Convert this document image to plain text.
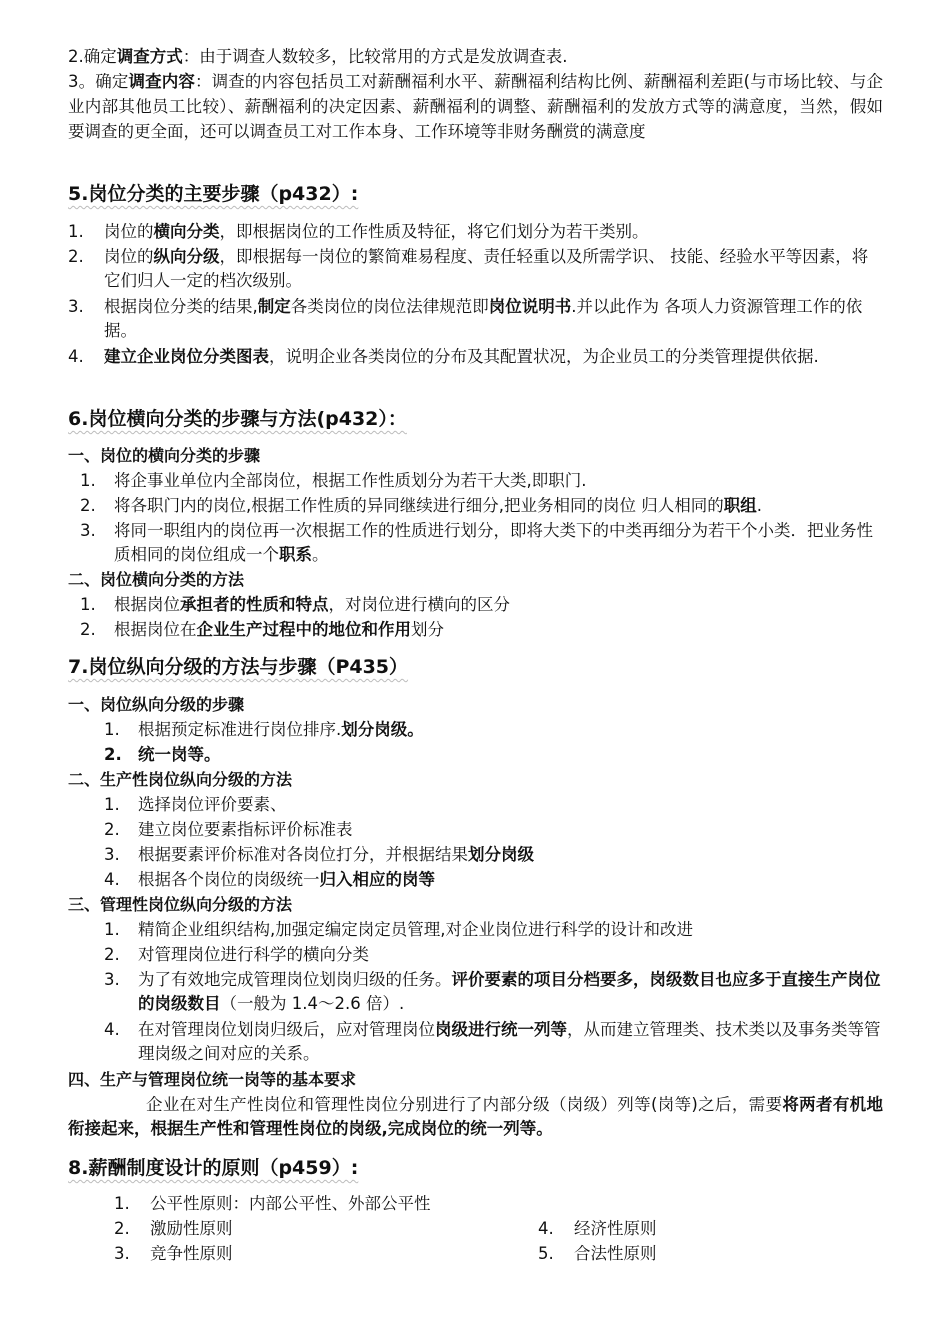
2.确定调查方式：由于调查人数较多，比较常用的方式是发放调查表.
3。确定调查内容：调查的内容包括员工对薪酬福利水平、薪酬福利结构比例、薪酬福利差距(与市场比较、与企业内部其他员工比较）、薪酬福利的决定因素、薪酬福利的调整、薪酬福利的发放方式等的满意度，当然，假如要调查的更全面，还可以调查员工对工作本身、工作环境等非财务酬赏的满意度
5.岗位分类的主要步骤（p432）:
1. 岗位的横向分类，即根据岗位的工作性质及特征，将它们划分为若干类别。
2. 岗位的纵向分级，即根据每一岗位的繁简难易程度、责任轻重以及所需学识、 技能、经验水平等因素，将它们归人一定的档次级别。
3. 根据岗位分类的结果,制定各类岗位的岗位法律规范即岗位说明书.并以此作为 各项人力资源管理工作的依据。
4. 建立企业岗位分类图表，说明企业各类岗位的分布及其配置状况，为企业员工的分类管理提供依据.
6.岗位横向分类的步骤与方法(p432）：
一、岗位的横向分类的步骤
1. 将企事业单位内全部岗位，根据工作性质划分为若干大类,即职门.
2. 将各职门内的岗位,根据工作性质的异同继续进行细分,把业务相同的岗位 归人相同的职组.
3. 将同一职组内的岗位再一次根据工作的性质进行划分，即将大类下的中类再细分为若干个小类．把业务性质相同的岗位组成一个职系。
二、岗位横向分类的方法
1. 根据岗位承担者的性质和特点，对岗位进行横向的区分
2. 根据岗位在企业生产过程中的地位和作用划分
7.岗位纵向分级的方法与步骤（P435）
一、岗位纵向分级的步骤
1. 根据预定标准进行岗位排序.划分岗级。
2. 统一岗等。
二、生产性岗位纵向分级的方法
1. 选择岗位评价要素、
2. 建立岗位要素指标评价标准表
3. 根据要素评价标准对各岗位打分，并根据结果划分岗级
4. 根据各个岗位的岗级统一归入相应的岗等
三、管理性岗位纵向分级的方法
1. 精简企业组织结构,加强定编定岗定员管理,对企业岗位进行科学的设计和改进
2. 对管理岗位进行科学的横向分类
3. 为了有效地完成管理岗位划岗归级的任务。评价要素的项目分档要多，岗级数目也应多于直接生产岗位的岗级数目（一般为 1.4～2.6 倍）.
4. 在对管理岗位划岗归级后，应对管理岗位岗级进行统一列等，从而建立管理类、技术类以及事务类等管理岗级之间对应的关系。
四、生产与管理岗位统一岗等的基本要求
企业在对生产性岗位和管理性岗位分别进行了内部分级（岗级）列等(岗等)之后，需要将两者有机地衔接起来，根据生产性和管理性岗位的岗级,完成岗位的统一列等。
8.薪酬制度设计的原则（p459）:
1. 公平性原则：内部公平性、外部公平性
2. 激励性原则
3. 竞争性原则
4. 经济性原则
5. 合法性原则
